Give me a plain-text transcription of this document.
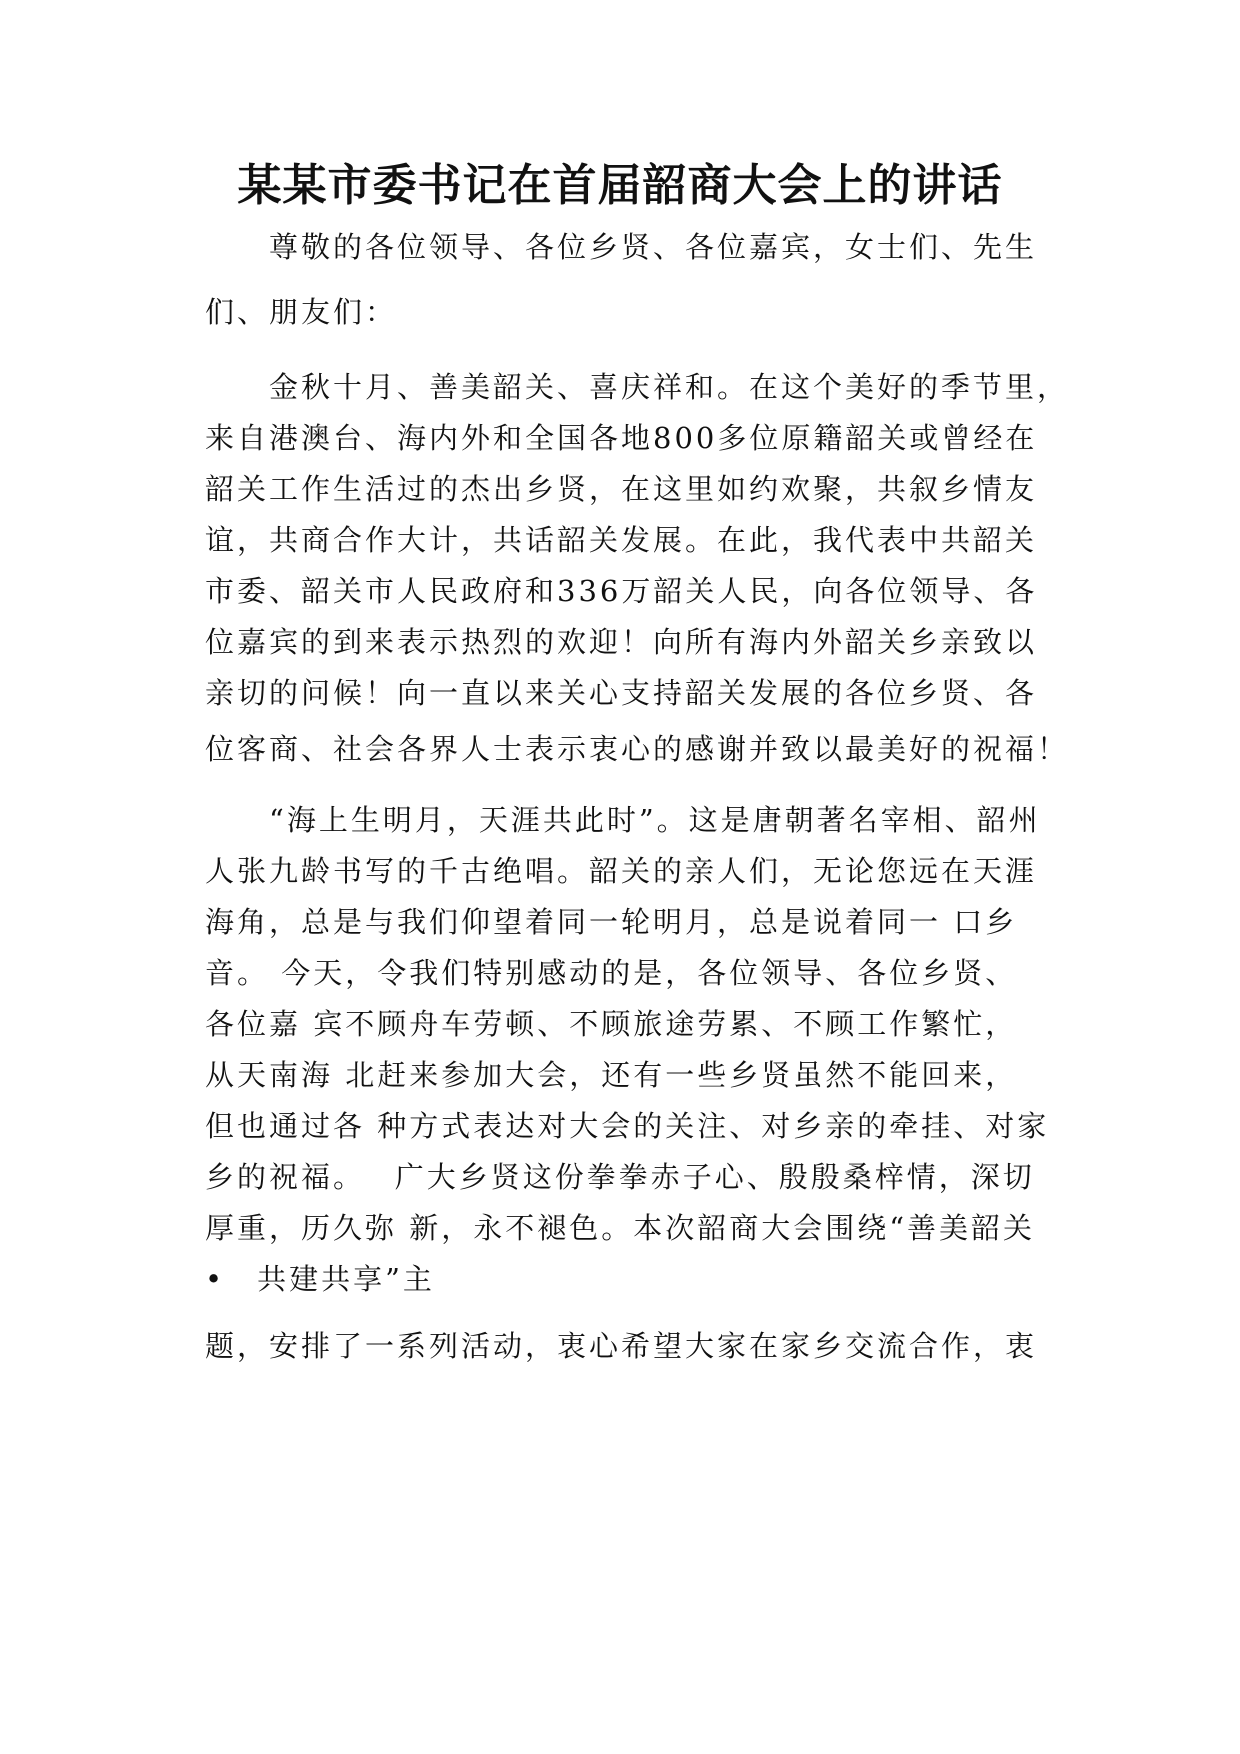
某某市委书记在首届韶商大会上的讲话
　　尊敬的各位领导、各位乡贤、各位嘉宾，女士们、先生
们、朋友们：
　　金秋十月、善美韶关、喜庆祥和。在这个美好的季节里，
来自港澳台、海内外和全国各地800多位原籍韶关或曾经在
韶关工作生活过的杰出乡贤，在这里如约欢聚，共叙乡情友
谊，共商合作大计，共话韶关发展。在此，我代表中共韶关
市委、韶关市人民政府和336万韶关人民，向各位领导、各
位嘉宾的到来表示热烈的欢迎！向所有海内外韶关乡亲致以
亲切的问候！向一直以来关心支持韶关发展的各位乡贤、各
位客商、社会各界人士表示衷心的感谢并致以最美好的祝福！
　　“海上生明月，天涯共此时”。这是唐朝著名宰相、韶州
人张九龄书写的千古绝唱。韶关的亲人们，无论您远在天涯
海角，总是与我们仰望着同一轮明月，总是说着同一 口乡
音。 今天，令我们特别感动的是，各位领导、各位乡贤、
各位嘉 宾不顾舟车劳顿、不顾旅途劳累、不顾工作繁忙，
从天南海 北赶来参加大会，还有一些乡贤虽然不能回来，
但也通过各 种方式表达对大会的关注、对乡亲的牵挂、对家
乡的祝福。　 广大乡贤这份拳拳赤子心、殷殷桑梓情，深切
厚重，历久弥 新，永不褪色。本次韶商大会围绕“善美韶关
•　共建共享”主
题，安排了一系列活动，衷心希望大家在家乡交流合作，衷
